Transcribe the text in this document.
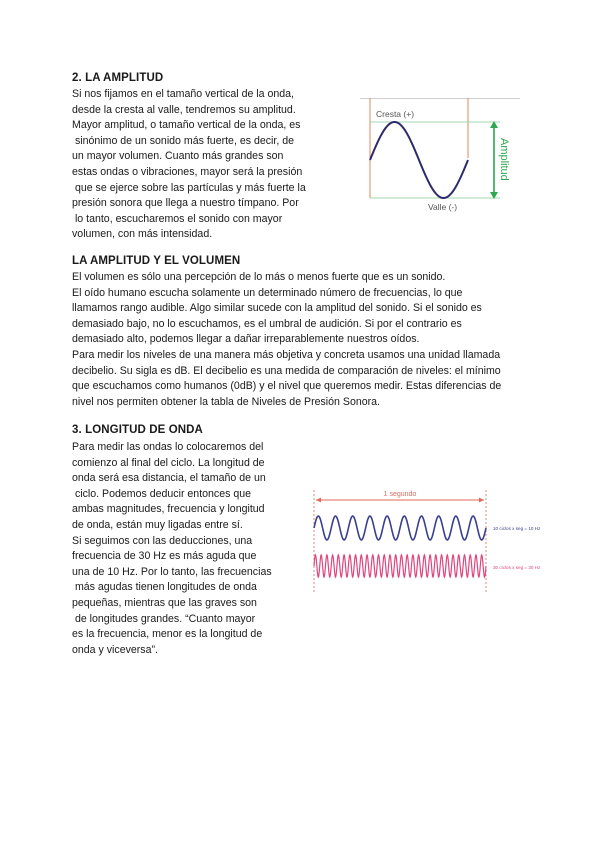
2. LA AMPLITUD
Si nos fijamos en el tamaño vertical de la onda,
desde la cresta al valle, tendremos su amplitud.
Mayor amplitud, o tamaño vertical de la onda, es
sinónimo de un sonido más fuerte, es decir, de
un mayor volumen. Cuanto más grandes son
estas ondas o vibraciones, mayor será la presión
que se ejerce sobre las partículas y más fuerte la
presión sonora que llega a nuestro tímpano. Por
lo tanto, escucharemos el sonido con mayor
volumen, con más intensidad.
Cresta (+)
Valle (-)
Amplitud
LA AMPLITUD Y EL VOLUMEN
El volumen es sólo una percepción de lo más o menos fuerte que es un sonido.
El oído humano escucha solamente un determinado número de frecuencias, lo que
llamamos rango audible. Algo similar sucede con la amplitud del sonido. Si el sonido es
demasiado bajo, no lo escuchamos, es el umbral de audición. Si por el contrario es
demasiado alto, podemos llegar a dañar irreparablemente nuestros oídos.
Para medir los niveles de una manera más objetiva y concreta usamos una unidad llamada
decibelio. Su sigla es dB. El decibelio es una medida de comparación de niveles: el mínimo
que escuchamos como humanos (0dB) y el nivel que queremos medir. Estas diferencias de
nivel nos permiten obtener la tabla de Niveles de Presión Sonora.
3. LONGITUD DE ONDA
Para medir las ondas lo colocaremos del
comienzo al final del ciclo. La longitud de
onda será esa distancia, el tamaño de un
ciclo. Podemos deducir entonces que
ambas magnitudes, frecuencia y longitud
de onda, están muy ligadas entre sí.
Si seguimos con las deducciones, una
frecuencia de 30 Hz es más aguda que
una de 10 Hz. Por lo tanto, las frecuencias
más agudas tienen longitudes de onda
pequeñas, mientras que las graves son
de longitudes grandes. “Cuanto mayor
es la frecuencia, menor es la longitud de
onda y viceversa”.
1 segundo
10 ciclos x seg = 10 Hz
30 ciclos x seg = 30 Hz
